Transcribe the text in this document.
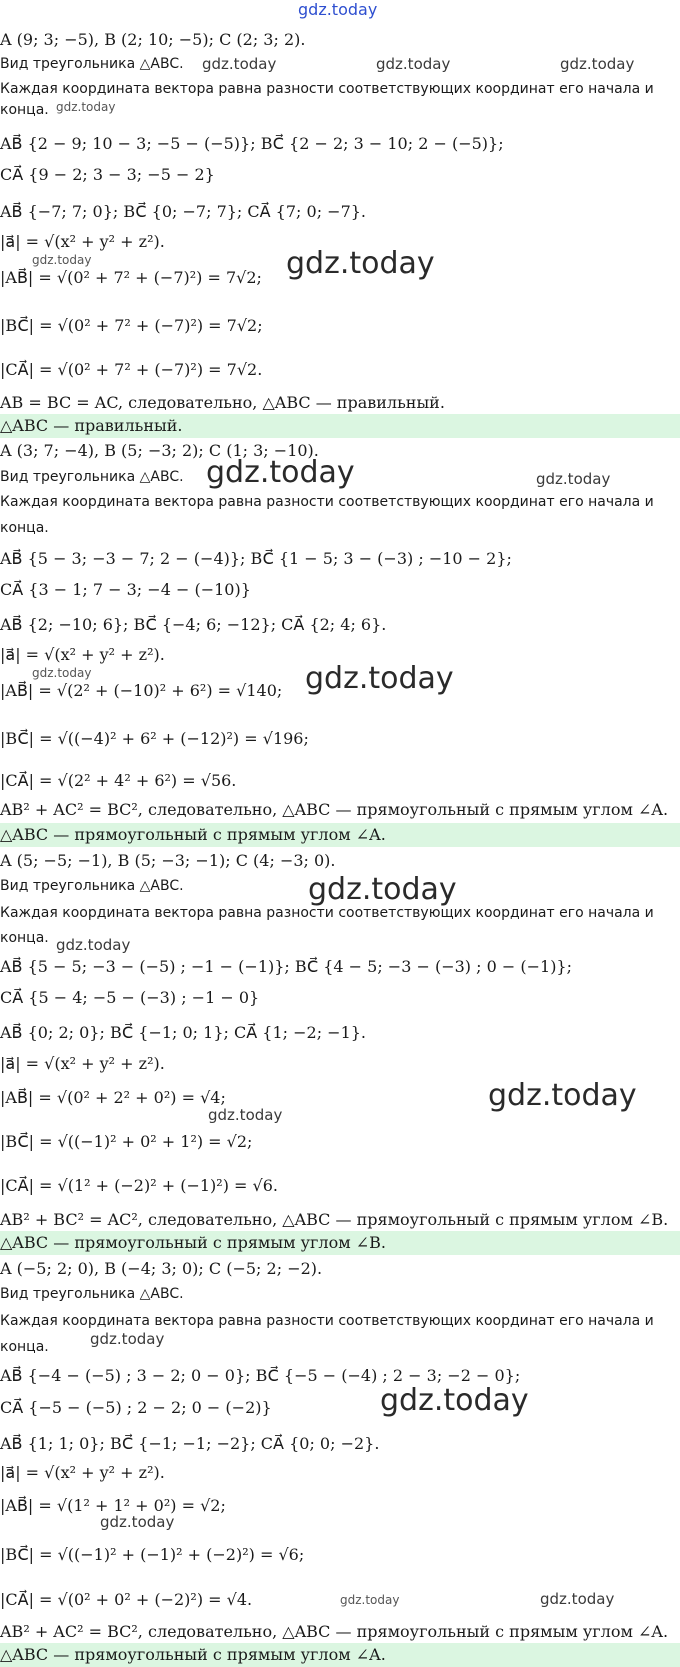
A (9; 3; −5), B (2; 10; −5); C (2; 3; 2).
Вид треугольника △ABC.
Каждая координата вектора равна разности соответствующих координат его начала и
конца.
AB⃗ {2 − 9; 10 − 3; −5 − (−5)}; BC⃗ {2 − 2; 3 − 10; 2 − (−5)};
CA⃗ {9 − 2; 3 − 3; −5 − 2}
AB⃗ {−7; 7; 0}; BC⃗ {0; −7; 7}; CA⃗ {7; 0; −7}.
|a⃗| = √(x² + y² + z²).
|AB⃗| = √(0² + 7² + (−7)²) = 7√2;
|BC⃗| = √(0² + 7² + (−7)²) = 7√2;
|CA⃗| = √(0² + 7² + (−7)²) = 7√2.
AB = BC = AC, следовательно, △ABC — правильный.
△ABC — правильный.
A (3; 7; −4), B (5; −3; 2); C (1; 3; −10).
Вид треугольника △ABC.
Каждая координата вектора равна разности соответствующих координат его начала и
конца.
AB⃗ {5 − 3; −3 − 7; 2 − (−4)}; BC⃗ {1 − 5; 3 − (−3) ; −10 − 2};
CA⃗ {3 − 1; 7 − 3; −4 − (−10)}
AB⃗ {2; −10; 6}; BC⃗ {−4; 6; −12}; CA⃗ {2; 4; 6}.
|a⃗| = √(x² + y² + z²).
|AB⃗| = √(2² + (−10)² + 6²) = √140;
|BC⃗| = √((−4)² + 6² + (−12)²) = √196;
|CA⃗| = √(2² + 4² + 6²) = √56.
AB² + AC² = BC², следовательно, △ABC — прямоугольный с прямым углом ∠A.
△ABC — прямоугольный с прямым углом ∠A.
A (5; −5; −1), B (5; −3; −1); C (4; −3; 0).
Вид треугольника △ABC.
Каждая координата вектора равна разности соответствующих координат его начала и
конца.
AB⃗ {5 − 5; −3 − (−5) ; −1 − (−1)}; BC⃗ {4 − 5; −3 − (−3) ; 0 − (−1)};
CA⃗ {5 − 4; −5 − (−3) ; −1 − 0}
AB⃗ {0; 2; 0}; BC⃗ {−1; 0; 1}; CA⃗ {1; −2; −1}.
|a⃗| = √(x² + y² + z²).
|AB⃗| = √(0² + 2² + 0²) = √4;
|BC⃗| = √((−1)² + 0² + 1²) = √2;
|CA⃗| = √(1² + (−2)² + (−1)²) = √6.
AB² + BC² = AC², следовательно, △ABC — прямоугольный с прямым углом ∠B.
△ABC — прямоугольный с прямым углом ∠B.
A (−5; 2; 0), B (−4; 3; 0); C (−5; 2; −2).
Вид треугольника △ABC.
Каждая координата вектора равна разности соответствующих координат его начала и
конца.
AB⃗ {−4 − (−5) ; 3 − 2; 0 − 0}; BC⃗ {−5 − (−4) ; 2 − 3; −2 − 0};
CA⃗ {−5 − (−5) ; 2 − 2; 0 − (−2)}
AB⃗ {1; 1; 0}; BC⃗ {−1; −1; −2}; CA⃗ {0; 0; −2}.
|a⃗| = √(x² + y² + z²).
|AB⃗| = √(1² + 1² + 0²) = √2;
|BC⃗| = √((−1)² + (−1)² + (−2)²) = √6;
|CA⃗| = √(0² + 0² + (−2)²) = √4.
AB² + AC² = BC², следовательно, △ABC — прямоугольный с прямым углом ∠A.
△ABC — прямоугольный с прямым углом ∠A.
gdz.today
gdz.today	gdz.today	gdz.today
gdz.today
gdz.today	gdz.today
gdz.today	gdz.today
gdz.today	gdz.today
gdz.today
gdz.today
gdz.today
gdz.today
gdz.today
gdz.today
gdz.today
gdz.today	gdz.today
